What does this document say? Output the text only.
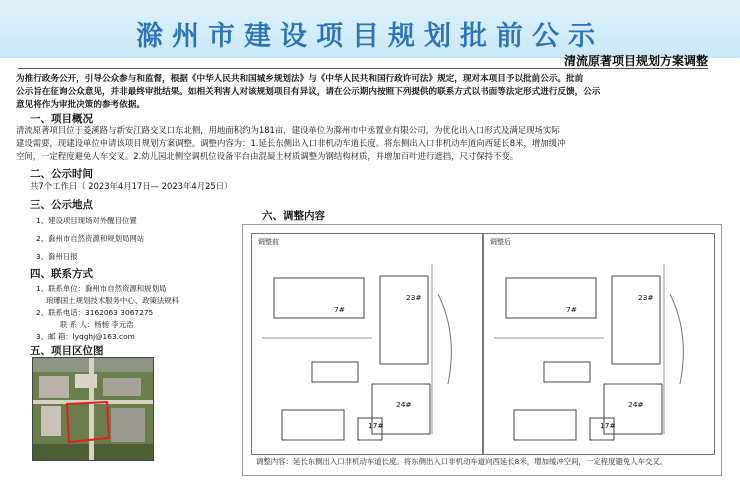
滁州市建设项目规划批前公示
清流原著项目规划方案调整
为推行政务公开，引导公众参与和监督，根据《中华人民共和国城乡规划法》与《中华人民共和国行政许可法》规定，现对本项目予以批前公示。批前
公示旨在征询公众意见，并非最终审批结果。如相关利害人对该规划项目有异议，请在公示期内按照下列提供的联系方式以书面等法定形式进行反馈，公示
意见将作为审批决策的参考依据。
一、项目概况
清流原著项目位于菱溪路与新安江路交叉口东北侧，用地面积约为181亩，建设单位为滁州市中丞置业有限公司，为优化出入口形式及满足现场实际
建设需要，现建设单位申请该项目规划方案调整。调整内容为：1.延长东侧出入口非机动车道长度。将东侧出入口非机动车道向西延长8米，增加缓冲
空间，一定程度避免人车交叉。2.幼儿园北侧空调机位设备平台由混凝土材质调整为钢结构材质，并增加百叶进行遮挡，尺寸保持不变。
二、公示时间
共7个工作日（ 2023年4月17日— 2023年4月25日）
三、公示地点
1、建设项目现场对外醒目位置
2、滁州市自然资源和规划局网站
3、滁州日报
四、联系方式
1、联系单位：滁州市自然资源和规划局
琅琊国土规划技术服务中心、政策法规科
2、联系电话：3162063 3067275
联 系 人：杨杨 李元浩
3、邮 箱：lyqghj@163.com
五、项目区位图
六、调整内容
调整前
7#
23#
24#
17#
调整后
7#
23#
24#
17#
调整内容：延长东侧出入口非机动车道长度。将东侧出入口非机动车道向西延长8米，增加缓冲空间，一定程度避免人车交叉。
